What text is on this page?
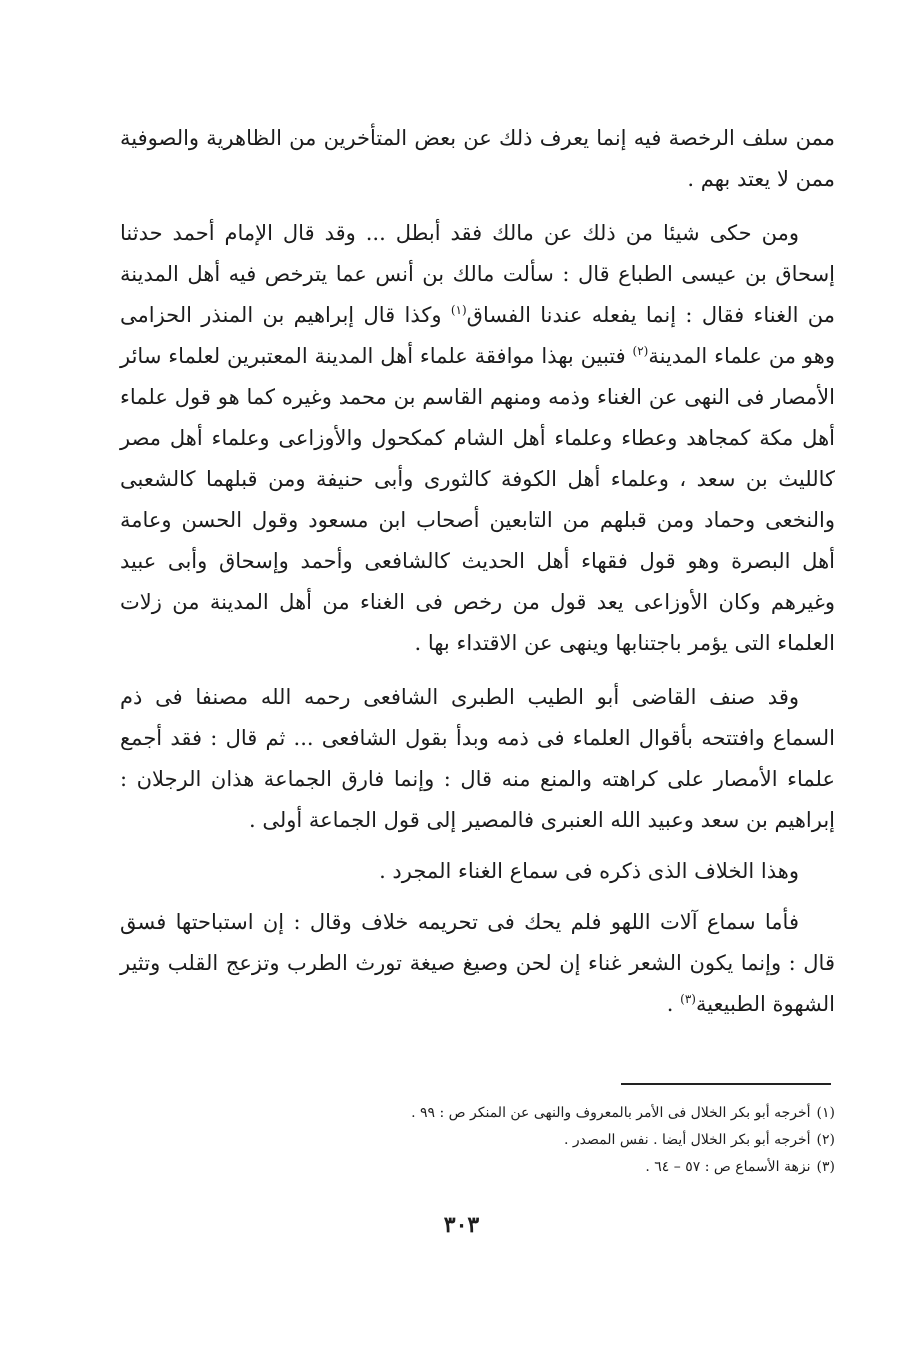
ممن سلف الرخصة فيه إنما يعرف ذلك عن بعض المتأخرين من الظاهرية والصوفية ممن لا يعتد بهم .

ومن حكى شيئا من ذلك عن مالك فقد أبطل ... وقد قال الإمام أحمد حدثنا إسحاق بن عيسى الطباع قال : سألت مالك بن أنس عما يترخص فيه أهل المدينة من الغناء فقال : إنما يفعله عندنا الفساق$^{(١)}$ وكذا قال إبراهيم بن المنذر الحزامى وهو من علماء المدينة$^{(٢)}$ فتبين بهذا موافقة علماء أهل المدينة المعتبرين لعلماء سائر الأمصار فى النهى عن الغناء وذمه ومنهم القاسم بن محمد وغيره كما هو قول علماء أهل مكة كمجاهد وعطاء وعلماء أهل الشام كمكحول والأوزاعى وعلماء أهل مصر كالليث بن سعد ، وعلماء أهل الكوفة كالثورى وأبى حنيفة ومن قبلهما كالشعبى والنخعى وحماد ومن قبلهم من التابعين أصحاب ابن مسعود وقول الحسن وعامة أهل البصرة وهو قول فقهاء أهل الحديث كالشافعى وأحمد وإسحاق وأبى عبيد وغيرهم وكان الأوزاعى يعد قول من رخص فى الغناء من أهل المدينة من زلات العلماء التى يؤمر باجتنابها وينهى عن الاقتداء بها .

وقد صنف القاضى أبو الطيب الطبرى الشافعى رحمه الله مصنفا فى ذم السماع وافتتحه بأقوال العلماء فى ذمه وبدأ بقول الشافعى ... ثم قال : فقد أجمع علماء الأمصار على كراهته والمنع منه قال : وإنما فارق الجماعة هذان الرجلان : إبراهيم بن سعد وعبيد الله العنبرى فالمصير إلى قول الجماعة أولى .

وهذا الخلاف الذى ذكره فى سماع الغناء المجرد .

فأما سماع آلات اللهو فلم يحك فى تحريمه خلاف وقال : إن استباحتها فسق قال : وإنما يكون الشعر غناء إن لحن وصيغ صيغة تورث الطرب وتزعج القلب وتثير الشهوة الطبيعية$^{(٣)}$ .

(١)أخرجه أبو بكر الخلال فى الأمر بالمعروف والنهى عن المنكر ص : ٩٩ .

(٢)أخرجه أبو بكر الخلال أيضا . نفس المصدر .

(٣)نزهة الأسماع ص : ٥٧ – ٦٤ .

٣٠٣
